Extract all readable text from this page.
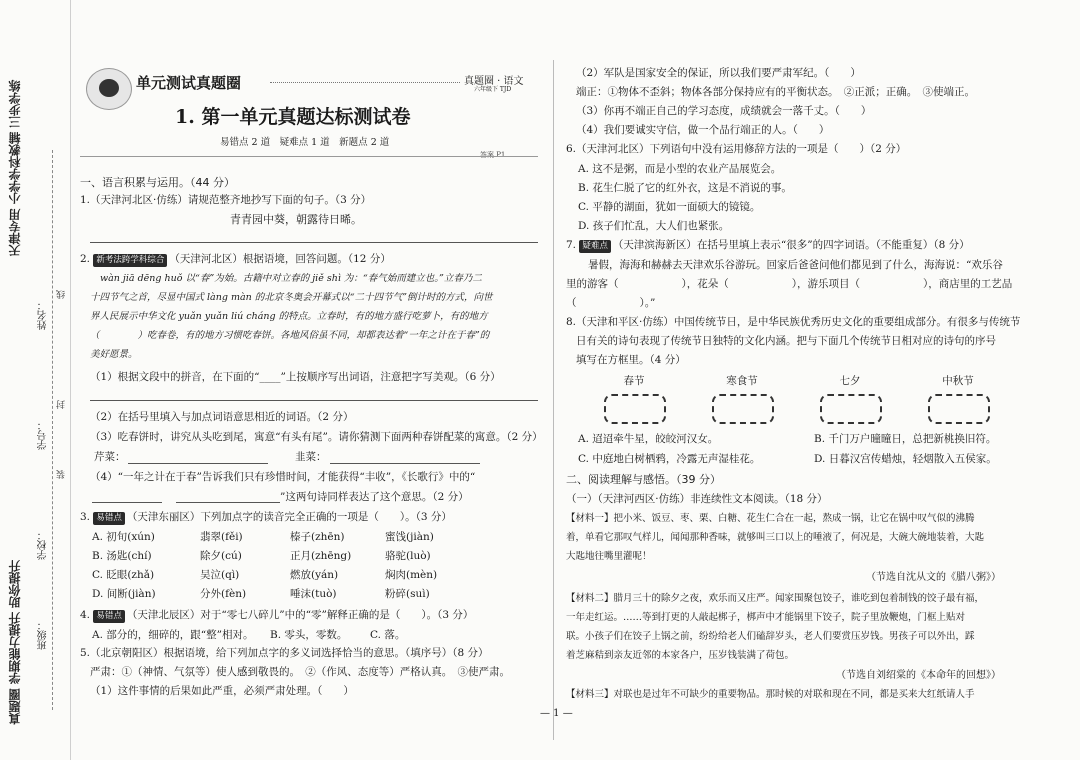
天津专用 小学学科教辅 三步学练
真题圈 学期能力提升 助你提升
姓名：
学号：
学校：
班级：
线
封
装
单元测试真题圈	真题圈 · 语文
六年级下 TJD
1. 第一单元真题达标测试卷
易错点 2 道　疑难点 1 道　新题点 2 道
答案 P1
一、语言积累与运用。（44 分）
1.（天津河北区·仿练）请规范整齐地抄写下面的句子。（3 分）
青青园中葵，朝露待日晞。
2. 新考法跨学科综合 （天津河北区）根据语境，回答问题。（12 分）
wàn jiā dēng huǒ 以“春”为始。古籍中对立春的 jiě shì 为：“春气始而建立也。”立春乃二
十四节气之首，尽显中国式 làng màn 的北京冬奥会开幕式以“二十四节气”倒计时的方式，向世
界人民展示中华文化 yuǎn yuǎn liú cháng 的特点。立春时，有的地方盛行吃萝卜，有的地方
（　　　　）吃春卷，有的地方习惯吃春饼。各地风俗虽不同，却都表达着“一年之计在于春”的
美好愿景。
（1）根据文段中的拼音，在下面的“____”上按顺序写出词语，注意把字写美观。（6 分）
（2）在括号里填入与加点词语意思相近的词语。（2 分）
（3）吃春饼时，讲究从头吃到尾，寓意“有头有尾”。请你猜测下面两种春饼配菜的寓意。（2 分）
芹菜：	韭菜：
（4）“一年之计在于春”告诉我们只有珍惜时间，才能获得“丰收”，《长歌行》中的“
”这两句诗同样表达了这个意思。（2 分）
3. 易错点 （天津东丽区）下列加点字的读音完全正确的一项是（　　）。（3 分）
A. 初旬(xún)	翡翠(fěi)	榛子(zhēn)	蜜饯(jiàn)
B. 汤匙(chí)	除夕(cú)	正月(zhēng)	骆驼(luò)
C. 眨眼(zhǎ)	吴泣(qì)	燃放(yán)	焖肉(mèn)
D. 间断(jiàn)	分外(fèn)	唾沫(tuò)	粉碎(suì)
4. 易错点 （天津北辰区）对于“零七八碎儿”中的“零”解释正确的是（　　）。（3 分）
A. 部分的，细碎的，跟“整”相对。 B. 零头，零数。 C. 落。
5.（北京朝阳区）根据语境，给下列加点字的多义词选择恰当的意思。（填序号）（8 分）
严肃：①（神情、气氛等）使人感到敬畏的。　②（作风、态度等）严格认真。　③使严肃。
（1）这件事情的后果如此严重，必须严肃处理。（　　）
（2）军队是国家安全的保证，所以我们要严肃军纪。（　　）
端正：①物体不歪斜；物体各部分保持应有的平衡状态。　②正派；正确。　③使端正。
（3）你再不端正自己的学习态度，成绩就会一落千丈。（　　）
（4）我们要诚实守信，做一个品行端正的人。（　　）
6.（天津河北区）下列语句中没有运用修辞方法的一项是（　　）（2 分）
A. 这不是粥，而是小型的农业产品展览会。
B. 花生仁脱了它的红外衣，这是不消说的事。
C. 平静的湖面，犹如一面硕大的镜镜。
D. 孩子们忙乱，大人们也紧张。
7. 疑难点 （天津滨海新区）在括号里填上表示“很多”的四字词语。（不能重复）（8 分）
暑假，海海和赫赫去天津欢乐谷游玩。回家后爸爸问他们都见到了什么，海海说：“欢乐谷
里的游客（　　　　　　），花朵（　　　　　　），游乐项目（　　　　　　），商店里的工艺品
（　　　　　　）。”
8.（天津和平区·仿练）中国传统节日，是中华民族优秀历史文化的重要组成部分。有很多与传统节
日有关的诗句表现了传统节日独特的文化内涵。把与下面几个传统节日相对应的诗句的序号
填写在方框里。（4 分）
春节	寒食节	七夕	中秋节
A. 迢迢牵牛星，皎皎河汉女。	B. 千门万户曈曈日，总把新桃换旧符。
C. 中庭地白树栖鸦，冷露无声湿桂花。	D. 日暮汉宫传蜡烛，轻烟散入五侯家。
二、阅读理解与感悟。（39 分）
（一）（天津河西区·仿练）非连续性文本阅读。（18 分）
【材料一】把小米、饭豆、枣、栗、白糖、花生仁合在一起，熬成一锅，让它在锅中叹气似的沸腾
着，单看它那叹气样儿，闻闻那种香味，就够叫三口以上的唾液了，何况是，大碗大碗地装着，大匙
大匙地往嘴里灌呢！
（节选自沈从文的《腊八粥》）
【材料二】腊月三十的除夕之夜，欢乐而又庄严。闻家围聚包饺子，谁吃到包着制钱的饺子最有福，
一年走红运。……等到打更的人敲起梆子，梆声中才能锅里下饺子，院子里放鞭炮，门框上贴对
联。小孩子们在饺子上锅之前，纷纷给老人们磕辞岁头，老人们要赏压岁钱。男孩子可以外出，踩
着芝麻秸到亲友近邻的本家各户，压岁钱装满了荷包。
（节选自刘绍棠的《本命年的回想》）
【材料三】对联也是过年不可缺少的重要物品。那时候的对联和现在不同，都是买来大红纸请人手
— 1 —
